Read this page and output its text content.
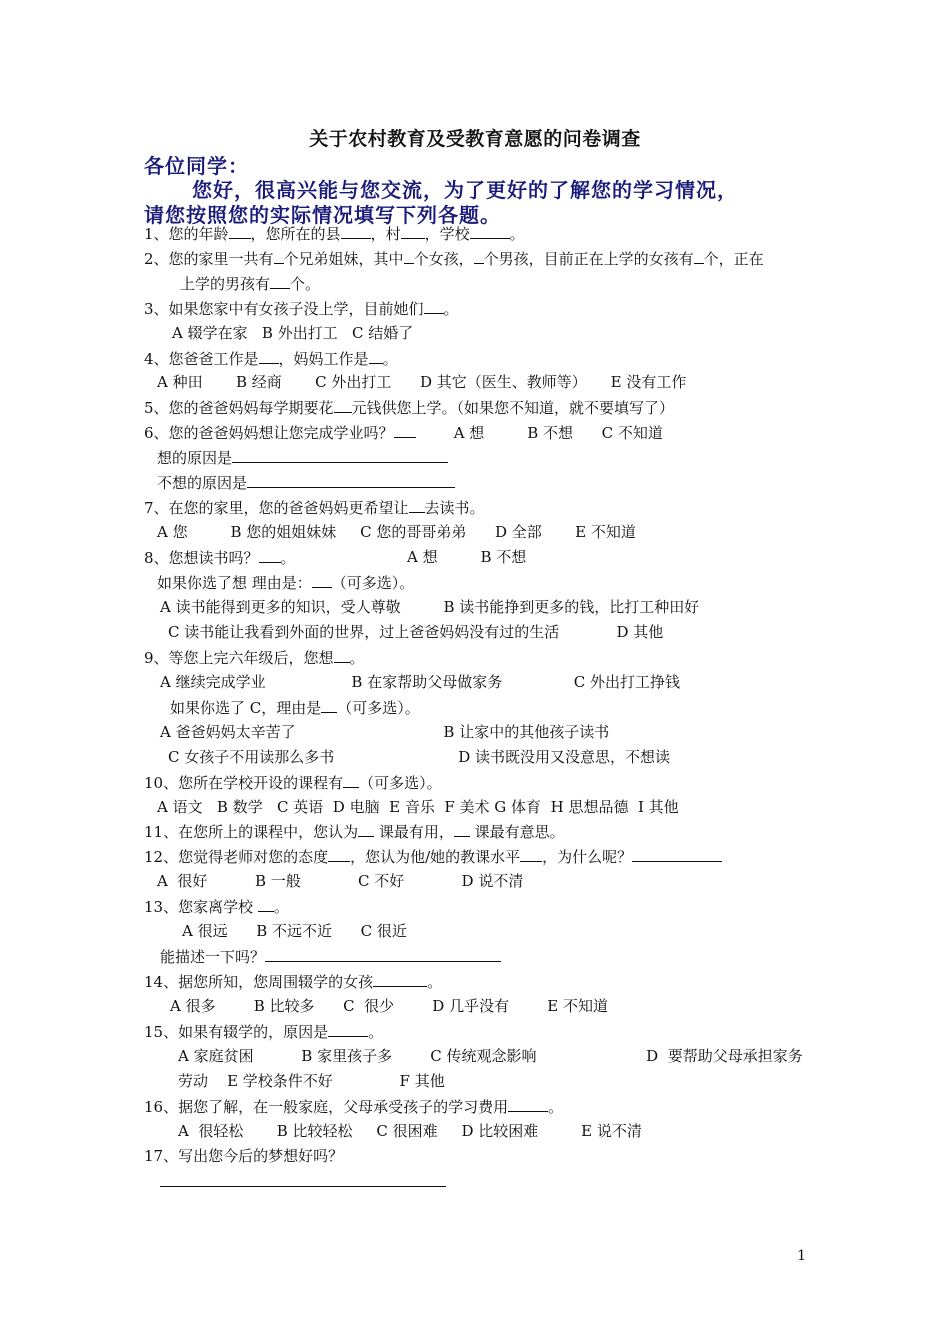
关于农村教育及受教育意愿的问卷调查
各位同学：
您好，很高兴能与您交流，为了更好的了解您的学习情况，
请您按照您的实际情况填写下列各题。
1、您的年龄 ，您所在的县 ，村 ，学校	。
2、您的家里一共有 个兄弟姐妹，其中 个女孩， 个男孩，目前正在上学的女孩有 个，正在
上学的男孩有 个。
3、如果您家中有女孩子没上学，目前她们 。
A 辍学在家   B 外出打工   C 结婚了
4、您爸爸工作是 ，妈妈工作是 。
A 种田       B 经商       C 外出打工      D 其它（医生、教师等）     E 没有工作
5、您的爸爸妈妈每学期要花 元钱供您上学。（如果您不知道，就不要填写了）
6、您的爸爸妈妈想让您完成学业吗？        A 想         B 不想      C 不知道
想的原因是
不想的原因是
7、在您的家里，您的爸爸妈妈更希望让 去读书。
A 您         B 您的姐姐妹妹     C 您的哥哥弟弟      D 全部       E 不知道
8、您想读书吗？ 。	A 想         B 不想
如果你选了想 理由是： （可多选）。
A 读书能得到更多的知识，受人尊敬         B 读书能挣到更多的钱，比打工种田好
C 读书能让我看到外面的世界，过上爸爸妈妈没有过的生活            D 其他
9、等您上完六年级后，您想 。
A 继续完成学业                  B 在家帮助父母做家务               C 外出打工挣钱
如果你选了 C，理由是 （可多选）。
A 爸爸妈妈太辛苦了                               B 让家中的其他孩子读书
C 女孩子不用读那么多书                          D 读书既没用又没意思，不想读
10、您所在学校开设的课程有 （可多选）。
A 语文   B 数学   C 英语  D 电脑  E 音乐  F 美术 G 体育  H 思想品德  I 其他
11、在您所上的课程中，您认为 课最有用， 课最有意思。
12、您觉得老师对您的态度 ，您认为他/她的教课水平 ，为什么呢？
A  很好          B 一般            C 不好            D 说不清
13、您家离学校 。
A 很远      B 不远不近      C 很近
能描述一下吗？
14、据您所知，您周围辍学的女孩	。
A 很多        B 比较多      C  很少        D 几乎没有        E 不知道
15、如果有辍学的，原因是	。
A 家庭贫困          B 家里孩子多        C 传统观念影响                       D  要帮助父母承担家务
劳动    E 学校条件不好              F 其他
16、据您了解，在一般家庭，父母承受孩子的学习费用	。
A  很轻松       B 比较轻松     C 很困难     D 比较困难         E 说不清
17、写出您今后的梦想好吗？
1
